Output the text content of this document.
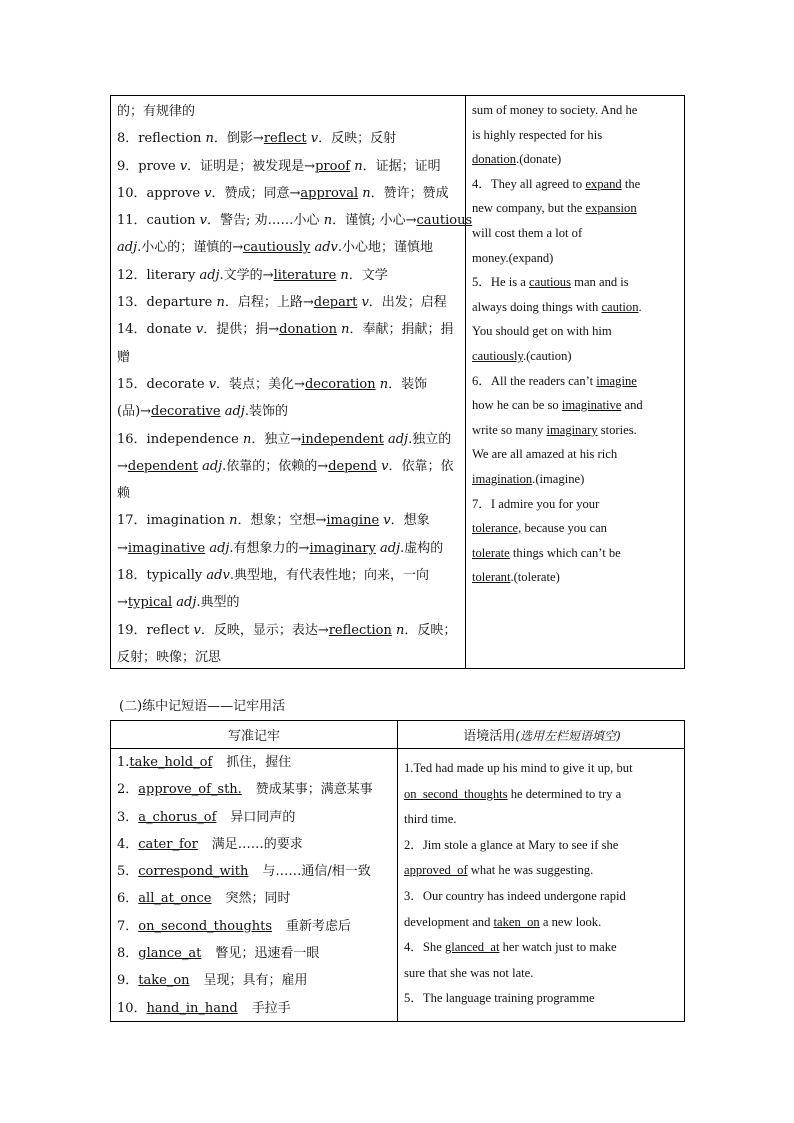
的；有规律的
8．reflection n．倒影→reflect v．反映；反射
9．prove v．证明是；被发现是→proof n．证据；证明
10．approve v．赞成；同意→approval n．赞许；赞成
11．caution v．警告; 劝……小心 n．谨慎; 小心→cautious
adj.小心的；谨慎的→cautiously adv.小心地；谨慎地
12．literary adj.文学的→literature n．文学
13．departure n．启程；上路→depart v．出发；启程
14．donate v．提供；捐→donation n．奉献；捐献；捐
赠
15．decorate v．装点；美化→decoration n．装饰
(品)→decorative adj.装饰的
16．independence n．独立→independent adj.独立的
→dependent adj.依靠的；依赖的→depend v．依靠；依
赖
17．imagination n．想象；空想→imagine v．想象
→imaginative adj.有想象力的→imaginary adj.虚构的
18．typically adv.典型地，有代表性地；向来，一向
→typical adj.典型的
19．reflect v．反映，显示；表达→reflection n．反映；
反射；映像；沉思
sum of money to society. And he
is highly respected for his
donation.(donate)
4．They all agreed to expand the
new company, but the expansion
will cost them a lot of
money.(expand)
5．He is a cautious man and is
always doing things with caution.
You should get on with him
cautiously.(caution)
6．All the readers can’t imagine
how he can be so imaginative and
write so many imaginary stories.
We are all amazed at his rich
imagination.(imagine)
7．I admire you for your
tolerance, because you can
tolerate things which can’t be
tolerant.(tolerate)
(二)练中记短语——记牢用活
写准记牢	语境活用(选用左栏短语填空)
1.take_hold_of 抓住，握住
2．approve_of_sth. 赞成某事；满意某事
3．a_chorus_of 异口同声的
4．cater_for 满足……的要求
5．correspond_with 与……通信/相一致
6．all_at_once 突然；同时
7．on_second_thoughts 重新考虑后
8．glance_at 瞥见；迅速看一眼
9．take_on 呈现；具有；雇用
10．hand_in_hand 手拉手
1.Ted had made up his mind to give it up, but
on_second_thoughts he determined to try a
third time.
2．Jim stole a glance at Mary to see if she
approved_of what he was suggesting.
3．Our country has indeed undergone rapid
development and taken_on a new look.
4．She glanced_at her watch just to make
sure that she was not late.
5．The language training programme
